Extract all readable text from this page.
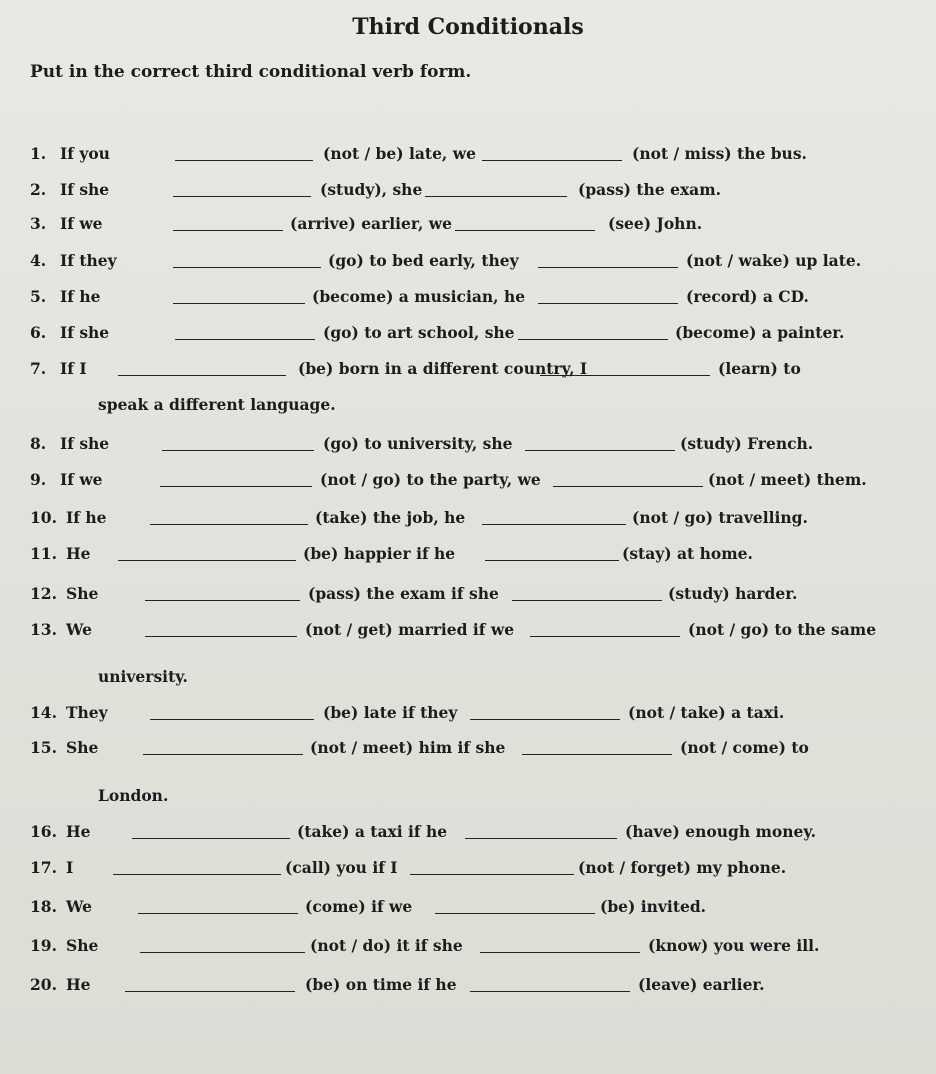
Third Conditionals
Put in the correct third conditional verb form.
1. If you	(not / be) late, we	(not / miss) the bus.
2. If she	(study), she	(pass) the exam.
3. If we	(arrive) earlier, we	(see) John.
4. If they	(go) to bed early, they	(not / wake) up late.
5. If he	(become) a musician, he	(record) a CD.
6. If she	(go) to art school, she	(become) a painter.
7. If I	(be) born in a different country, I	(learn) to
speak a different language.
8. If she	(go) to university, she	(study) French.
9. If we	(not / go) to the party, we	(not / meet) them.
10. If he	(take) the job, he	(not / go) travelling.
11. He	(be) happier if he	(stay) at home.
12. She	(pass) the exam if she	(study) harder.
13. We	(not / get) married if we	(not / go) to the same
university.
14. They	(be) late if they	(not / take) a taxi.
15. She	(not / meet) him if she	(not / come) to
London.
16. He	(take) a taxi if he	(have) enough money.
17. I	(call) you if I	(not / forget) my phone.
18. We	(come) if we	(be) invited.
19. She	(not / do) it if she	(know) you were ill.
20. He	(be) on time if he	(leave) earlier.
